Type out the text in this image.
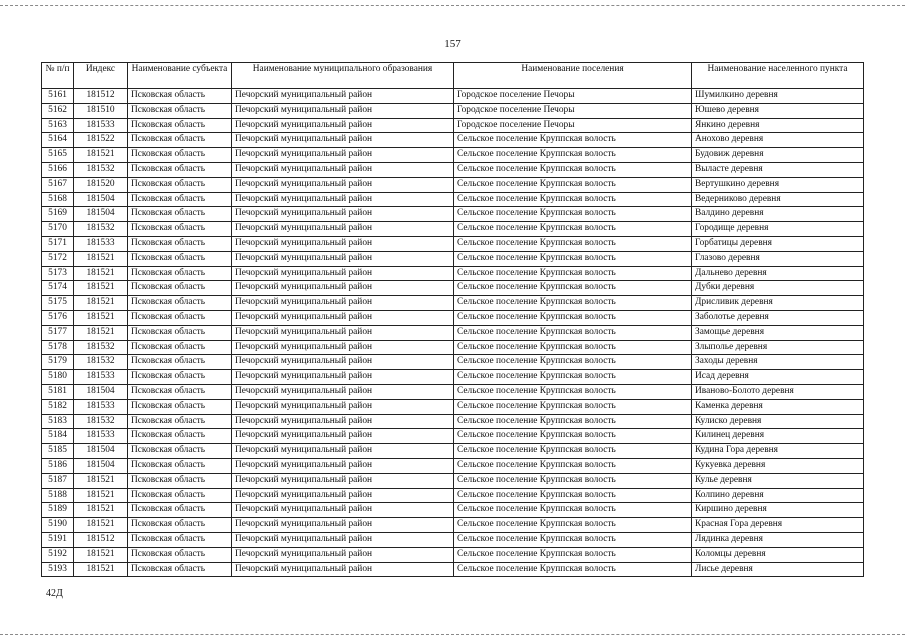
157
№ п/п	Индекс	Наименование субъекта	Наименование муниципального образования	Наименование поселения	Наименование населенного пункта
5161	181512	Псковская область	Печорский муниципальный район	Городское поселение Печоры	Шумилкино деревня
5162	181510	Псковская область	Печорский муниципальный район	Городское поселение Печоры	Юшево деревня
5163	181533	Псковская область	Печорский муниципальный район	Городское поселение Печоры	Янкино деревня
5164	181522	Псковская область	Печорский муниципальный район	Сельское поселение Круппская волость	Анохово деревня
5165	181521	Псковская область	Печорский муниципальный район	Сельское поселение Круппская волость	Будовиж деревня
5166	181532	Псковская область	Печорский муниципальный район	Сельское поселение Круппская волость	Выласте деревня
5167	181520	Псковская область	Печорский муниципальный район	Сельское поселение Круппская волость	Вертушкино деревня
5168	181504	Псковская область	Печорский муниципальный район	Сельское поселение Круппская волость	Ведерниково деревня
5169	181504	Псковская область	Печорский муниципальный район	Сельское поселение Круппская волость	Валдино деревня
5170	181532	Псковская область	Печорский муниципальный район	Сельское поселение Круппская волость	Городище деревня
5171	181533	Псковская область	Печорский муниципальный район	Сельское поселение Круппская волость	Горбатицы деревня
5172	181521	Псковская область	Печорский муниципальный район	Сельское поселение Круппская волость	Глазово деревня
5173	181521	Псковская область	Печорский муниципальный район	Сельское поселение Круппская волость	Дальнево деревня
5174	181521	Псковская область	Печорский муниципальный район	Сельское поселение Круппская волость	Дубки деревня
5175	181521	Псковская область	Печорский муниципальный район	Сельское поселение Круппская волость	Дрисливик деревня
5176	181521	Псковская область	Печорский муниципальный район	Сельское поселение Круппская волость	Заболотье деревня
5177	181521	Псковская область	Печорский муниципальный район	Сельское поселение Круппская волость	Замощье деревня
5178	181532	Псковская область	Печорский муниципальный район	Сельское поселение Круппская волость	Злыполье деревня
5179	181532	Псковская область	Печорский муниципальный район	Сельское поселение Круппская волость	Заходы деревня
5180	181533	Псковская область	Печорский муниципальный район	Сельское поселение Круппская волость	Исад деревня
5181	181504	Псковская область	Печорский муниципальный район	Сельское поселение Круппская волость	Иваново-Болото деревня
5182	181533	Псковская область	Печорский муниципальный район	Сельское поселение Круппская волость	Каменка деревня
5183	181532	Псковская область	Печорский муниципальный район	Сельское поселение Круппская волость	Кулиско деревня
5184	181533	Псковская область	Печорский муниципальный район	Сельское поселение Круппская волость	Килинец деревня
5185	181504	Псковская область	Печорский муниципальный район	Сельское поселение Круппская волость	Кудина Гора деревня
5186	181504	Псковская область	Печорский муниципальный район	Сельское поселение Круппская волость	Кукуевка деревня
5187	181521	Псковская область	Печорский муниципальный район	Сельское поселение Круппская волость	Кулье деревня
5188	181521	Псковская область	Печорский муниципальный район	Сельское поселение Круппская волость	Колпино деревня
5189	181521	Псковская область	Печорский муниципальный район	Сельское поселение Круппская волость	Киршино деревня
5190	181521	Псковская область	Печорский муниципальный район	Сельское поселение Круппская волость	Красная Гора деревня
5191	181512	Псковская область	Печорский муниципальный район	Сельское поселение Круппская волость	Лядинка деревня
5192	181521	Псковская область	Печорский муниципальный район	Сельское поселение Круппская волость	Коломцы деревня
5193	181521	Псковская область	Печорский муниципальный район	Сельское поселение Круппская волость	Лисье деревня
42Д
